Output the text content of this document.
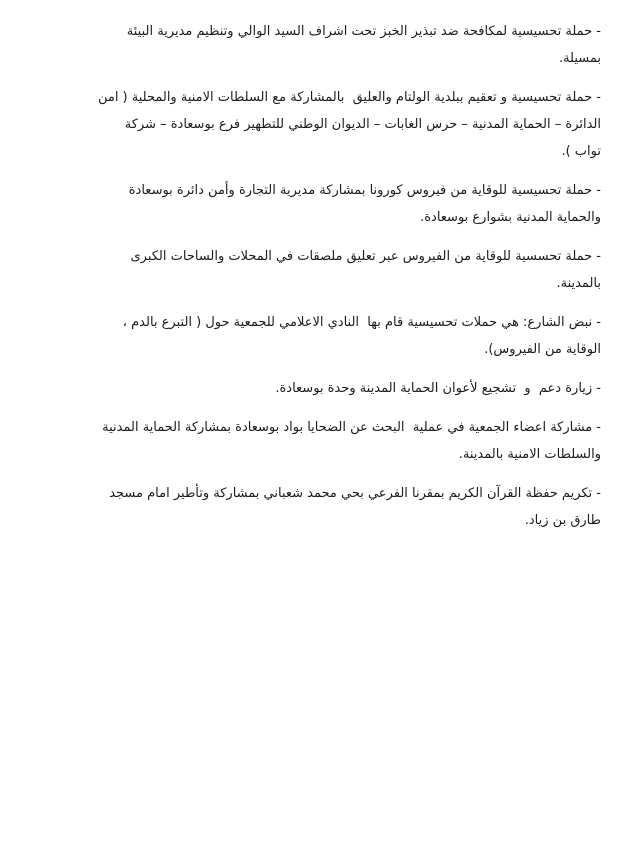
- حملة تحسيسية لمكافحة ضد تبذير الخبز تحت اشراف السيد الوالي وتنظيم مديرية البيئة
بمسيلة.
- حملة تحسيسية و تعقيم ببلدية الولتام والعليق  بالمشاركة مع السلطات الامنية والمحلية ( امن
الدائرة – الحماية المدنية – حرس الغابات – الديوان الوطني للتطهير فرع بوسعادة – شركة
تواب ).
- حملة تحسيسية للوقاية من فيروس كورونا بمشاركة مديرية التجارة وأمن دائرة بوسعادة
والحماية المدنية بشوارع بوسعادة.
- حملة تحسسية للوقاية من الفيروس عبر تعليق ملصقات في المحلات والساحات الكبرى
بالمدينة.
- نبض الشارع: هي حملات تحسيسية قام بها  النادي الاعلامي للجمعية حول ( التبرع بالدم ،
الوقاية من الفيروس).
- زيارة دعم  و  تشجيع لأعوان الحماية المدينة وحدة بوسعادة.
- مشاركة اعضاء الجمعية في عملية  البحث عن الضحايا بواد بوسعادة بمشاركة الحماية المدنية
والسلطات الامنية بالمدينة.
- تكريم حفظة القرآن الكريم بمقرنا الفرعي بحي محمد شعباني بمشاركة وتأطير امام مسجد
طارق بن زياد.
